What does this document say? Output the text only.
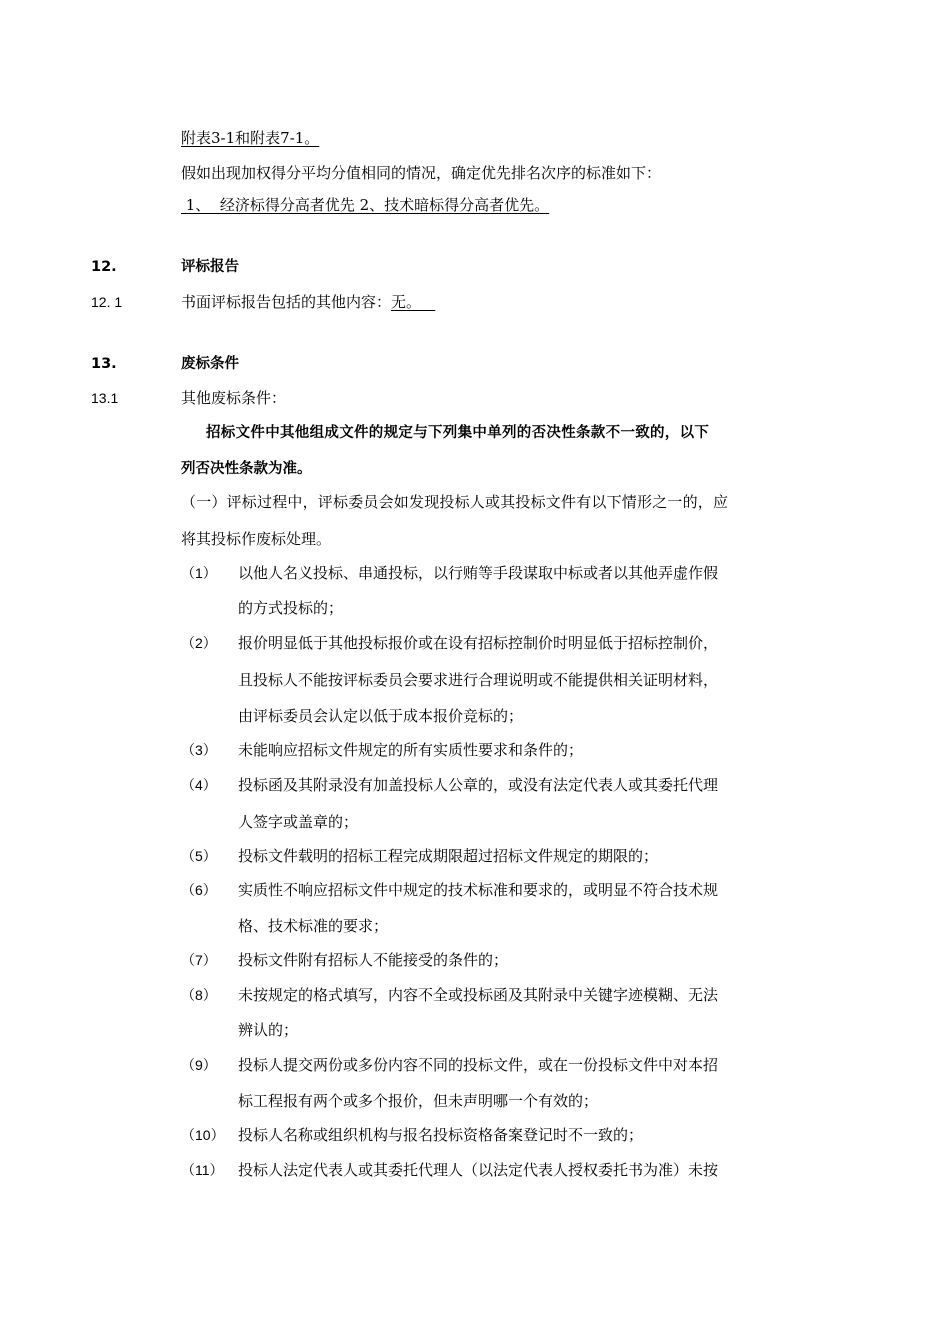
附表3-1和附表7-1。
假如出现加权得分平均分值相同的情况，确定优先排名次序的标准如下：
1、  经济标得分高者优先 2、技术暗标得分高者优先。
12.	评标报告
12. 1	书面评标报告包括的其他内容：无。
13.	废标条件
13.1	其他废标条件：
招标文件中其他组成文件的规定与下列集中单列的否决性条款不一致的，以下
列否决性条款为准。
（一）评标过程中，评标委员会如发现投标人或其投标文件有以下情形之一的，应
将其投标作废标处理。
（1） 以他人名义投标、串通投标，以行贿等手段谋取中标或者以其他弄虚作假
的方式投标的；
（2） 报价明显低于其他投标报价或在设有招标控制价时明显低于招标控制价，
且投标人不能按评标委员会要求进行合理说明或不能提供相关证明材料，
由评标委员会认定以低于成本报价竞标的；
（3） 未能响应招标文件规定的所有实质性要求和条件的；
（4） 投标函及其附录没有加盖投标人公章的，或没有法定代表人或其委托代理
人签字或盖章的；
（5） 投标文件载明的招标工程完成期限超过招标文件规定的期限的；
（6） 实质性不响应招标文件中规定的技术标准和要求的，或明显不符合技术规
格、技术标准的要求；
（7） 投标文件附有招标人不能接受的条件的；
（8） 未按规定的格式填写，内容不全或投标函及其附录中关键字迹模糊、无法
辨认的；
（9） 投标人提交两份或多份内容不同的投标文件，或在一份投标文件中对本招
标工程报有两个或多个报价，但未声明哪一个有效的；
（10） 投标人名称或组织机构与报名投标资格备案登记时不一致的；
（11） 投标人法定代表人或其委托代理人（以法定代表人授权委托书为准）未按
